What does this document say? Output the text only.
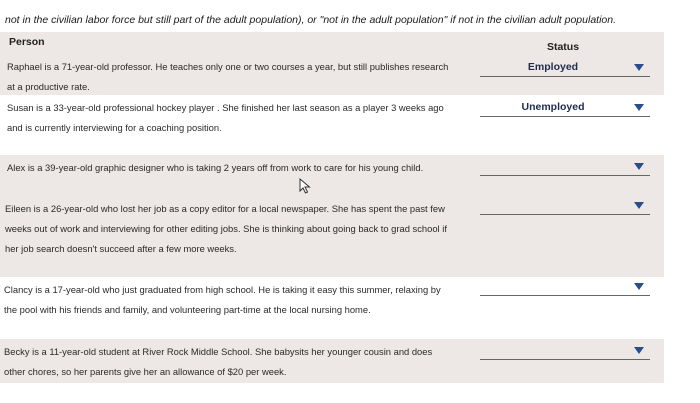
not in the civilian labor force but still part of the adult population), or "not in the adult population" if not in the civilian adult population.
Person	Status
Raphael is a 71-year-old professor. He teaches only one or two courses a year, but still publishes research at a productive rate.
Employed
Susan is a 33-year-old professional hockey player . She finished her last season as a player 3 weeks ago and is currently interviewing for a coaching position.
Unemployed
Alex is a 39-year-old graphic designer who is taking 2 years off from work to care for his young child.
Eileen is a 26-year-old who lost her job as a copy editor for a local newspaper. She has spent the past few weeks out of work and interviewing for other editing jobs. She is thinking about going back to grad school if her job search doesn't succeed after a few more weeks.
Clancy is a 17-year-old who just graduated from high school. He is taking it easy this summer, relaxing by the pool with his friends and family, and volunteering part-time at the local nursing home.
Becky is a 11-year-old student at River Rock Middle School. She babysits her younger cousin and does other chores, so her parents give her an allowance of $20 per week.
